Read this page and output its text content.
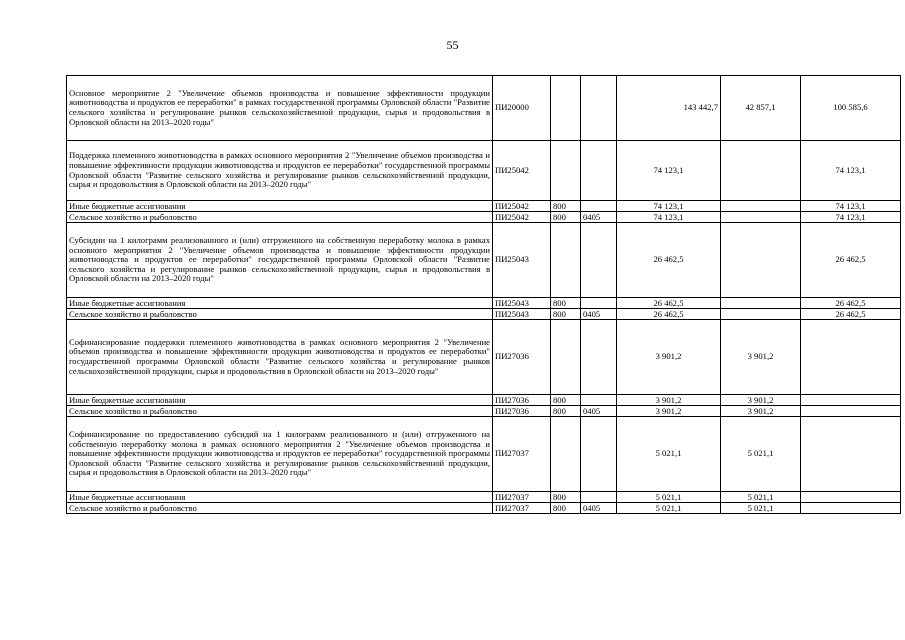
55
Основное мероприятие 2 "Увеличение объемов производства и повышение эффективности продукции животноводства и продуктов ее переработки" в рамках государственной программы Орловской области "Развитие сельского хозяйства и регулирование рынков сельскохозяйственной продукции, сырья и продовольствия в Орловской области на 2013–2020 годы"	ПИ20000			143 442,7	42 857,1	100 585,6
Поддержка племенного животноводства в рамках основного мероприятия 2 "Увеличение объемов производства и повышение эффективности продукции животноводства и продуктов ее переработки" государственной программы Орловской области "Развитие сельского хозяйства и регулирование рынков сельскохозяйственной продукции, сырья и продовольствия в Орловской области на 2013–2020 годы"	ПИ25042			74 123,1		74 123,1
Иные бюджетные ассигнования	ПИ25042	800		74 123,1		74 123,1
Сельское хозяйство и рыболовство	ПИ25042	800	0405	74 123,1		74 123,1
Субсидии на 1 килограмм реализованного и (или) отгруженного на собственную переработку молока в рамках основного мероприятия 2 "Увеличение объемов производства и повышение эффективности продукции животноводства и продуктов ее переработки" государственной программы Орловской области "Развитие сельского хозяйства и регулирование рынков сельскохозяйственной продукции, сырья и продовольствия в Орловской области на 2013–2020 годы"	ПИ25043			26 462,5		26 462,5
Иные бюджетные ассигнования	ПИ25043	800		26 462,5		26 462,5
Сельское хозяйство и рыболовство	ПИ25043	800	0405	26 462,5		26 462,5
Софинансирование поддержки племенного животноводства в рамках основного мероприятия 2 "Увеличение объемов производства и повышение эффективности продукции животноводства и продуктов ее переработки" государственной программы Орловской области "Развитие сельского хозяйства и регулирование рынков сельскохозяйственной продукции, сырья и продовольствия в Орловской области на 2013–2020 годы"	ПИ27036			3 901,2	3 901,2	
Иные бюджетные ассигнования	ПИ27036	800		3 901,2	3 901,2	
Сельское хозяйство и рыболовство	ПИ27036	800	0405	3 901,2	3 901,2	
Софинансирование по предоставлению субсидий на 1 килограмм реализованного и (или) отгруженного на собственную переработку молока в рамках основного мероприятия 2 "Увеличение объемов производства и повышение эффективности продукции животноводства и продуктов ее переработки" государственной программы Орловской области "Развитие сельского хозяйства и регулирование рынков сельскохозяйственной продукции, сырья и продовольствия в Орловской области на 2013–2020 годы"	ПИ27037			5 021,1	5 021,1	
Иные бюджетные ассигнования	ПИ27037	800		5 021,1	5 021,1	
Сельское хозяйство и рыболовство	ПИ27037	800	0405	5 021,1	5 021,1	
